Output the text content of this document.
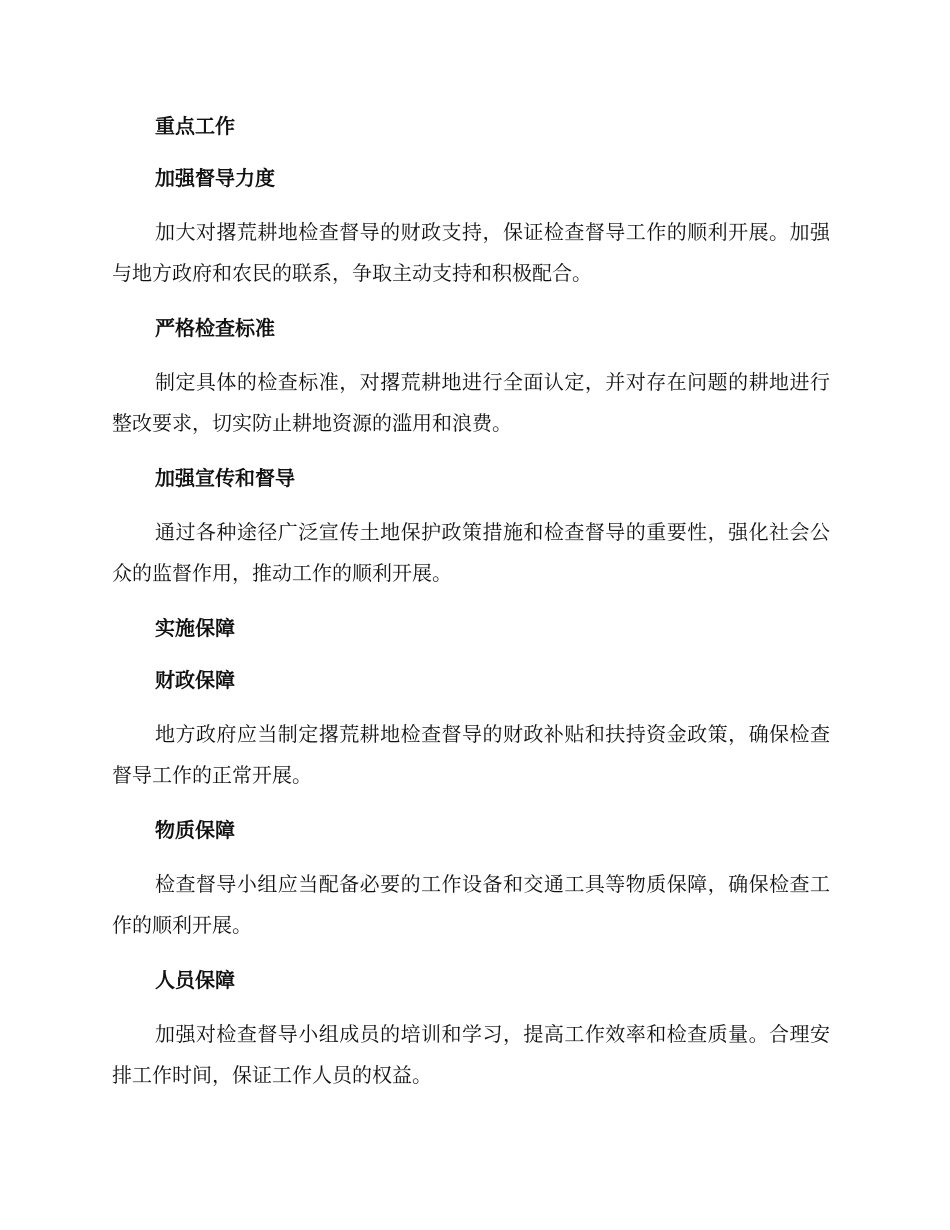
重点工作
加强督导力度

加大对撂荒耕地检查督导的财政支持，保证检查督导工作的顺利开展。加强与地方政府和农民的联系，争取主动支持和积极配合。

严格检查标准

制定具体的检查标准，对撂荒耕地进行全面认定，并对存在问题的耕地进行整改要求，切实防止耕地资源的滥用和浪费。

加强宣传和督导

通过各种途径广泛宣传土地保护政策措施和检查督导的重要性，强化社会公众的监督作用，推动工作的顺利开展。

实施保障
财政保障

地方政府应当制定撂荒耕地检查督导的财政补贴和扶持资金政策，确保检查督导工作的正常开展。

物质保障

检查督导小组应当配备必要的工作设备和交通工具等物质保障，确保检查工作的顺利开展。

人员保障

加强对检查督导小组成员的培训和学习，提高工作效率和检查质量。合理安排工作时间，保证工作人员的权益。
